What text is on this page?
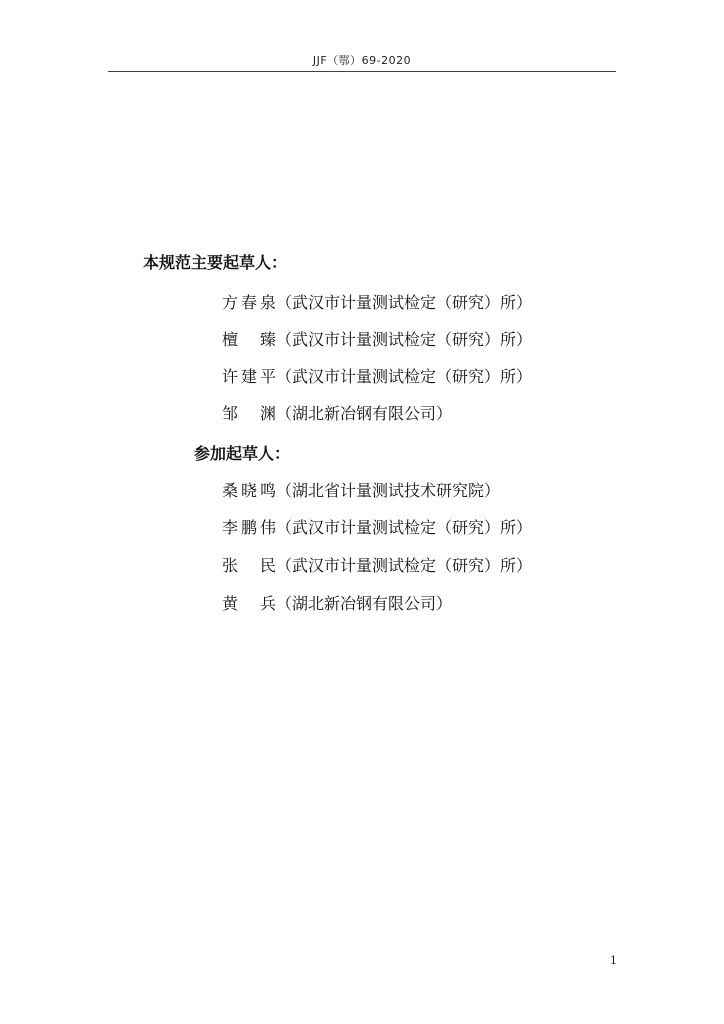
JJF（鄂）69-2020
本规范主要起草人：
方春泉（武汉市计量测试检定（研究）所）
檀　臻（武汉市计量测试检定（研究）所）
许建平（武汉市计量测试检定（研究）所）
邹　渊（湖北新冶钢有限公司）
参加起草人：
桑晓鸣（湖北省计量测试技术研究院）
李鹏伟（武汉市计量测试检定（研究）所）
张　民（武汉市计量测试检定（研究）所）
黄　兵（湖北新冶钢有限公司）
1
